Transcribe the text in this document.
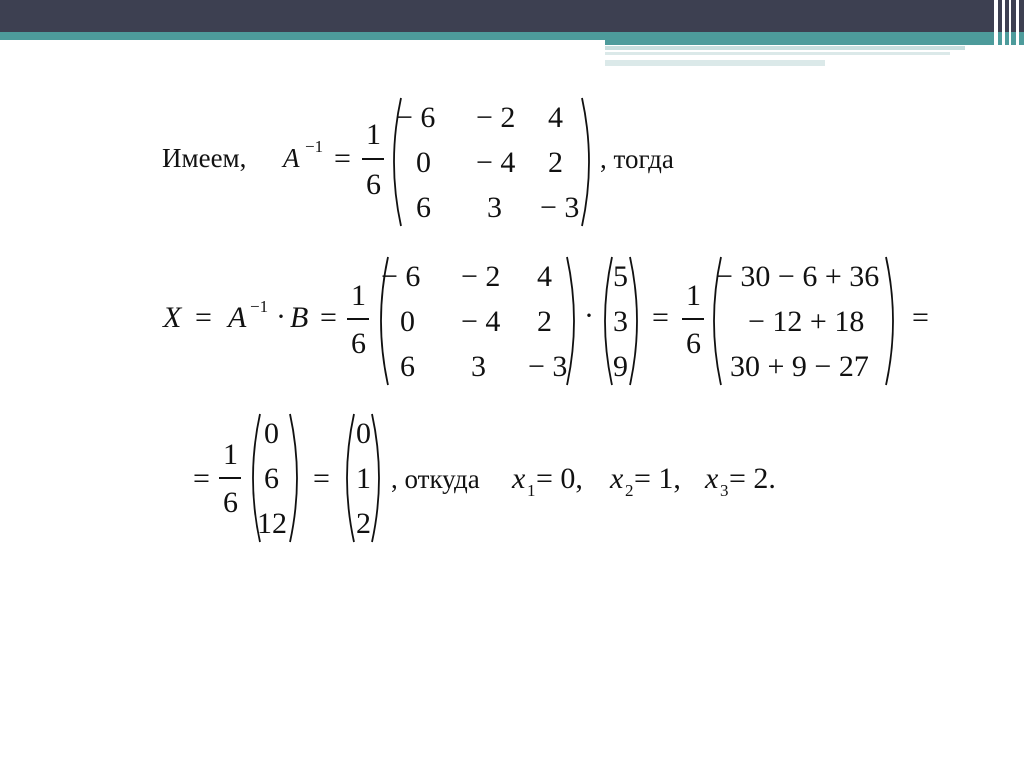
Имеем, A −1 =
1
6
− 6 − 2 4
0 − 4 2
6 3 − 3
, тогда
X = A −1 · B =
1
6
− 6 − 2 4
0 − 4 2
6 3 − 3
·
5
3
9
=
1
6
− 30 − 6 + 36
− 12 + 18
30 + 9 − 27
=
=
1
6
0
6
12
=
0
1
2
, откуда x 1 = 0, x 2 = 1, x 3 = 2.
